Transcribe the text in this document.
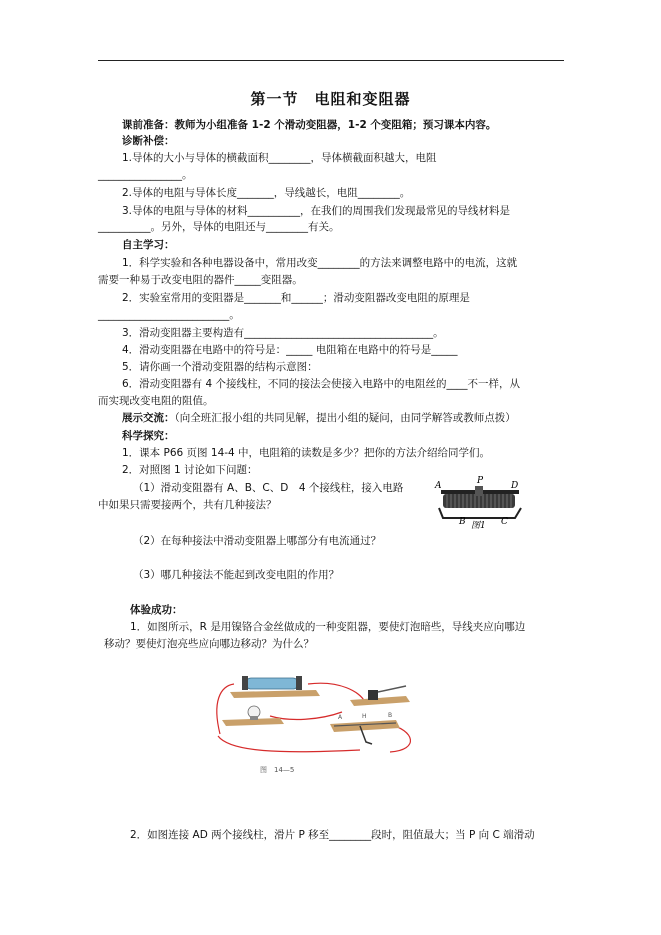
第一节　电阻和变阻器
课前准备：教师为小组准备 1-2 个滑动变阻器，1-2 个变阻箱；预习课本内容。
诊断补偿：
1.导体的大小与导体的横截面积________，导体横截面积越大，电阻
________________。
2.导体的电阻与导体长度_______，导线越长，电阻________。
3.导体的电阻与导体的材料__________，在我们的周围我们发现最常见的导线材料是
__________。另外，导体的电阻还与________有关。
自主学习：
1．科学实验和各种电器设备中，常用改变________的方法来调整电路中的电流，这就
需要一种易于改变电阻的器件_____变阻器。
2．实验室常用的变阻器是_______和______；滑动变阻器改变电阻的原理是
_________________________。
3．滑动变阻器主要构造有____________________________________。
4．滑动变阻器在电路中的符号是：_____ 电阻箱在电路中的符号是_____
5．请你画一个滑动变阻器的结构示意图：
6．滑动变阻器有 4 个接线柱，不同的接法会使接入电路中的电阻丝的____不一样，从
而实现改变电阻的阻值。
展示交流：（向全班汇报小组的共同见解，提出小组的疑问，由同学解答或教师点拨）
科学探究：
1．课本 P66 页图 14-4 中，电阻箱的读数是多少？把你的方法介绍给同学们。
2．对照图 1 讨论如下问题：
（1）滑动变阻器有 A、B、C、D　4 个接线柱，接入电路
中如果只需要接两个，共有几种接法？
（2）在每种接法中滑动变阻器上哪部分有电流通过？
（3）哪几种接法不能起到改变电阻的作用？
体验成功：
1．如图所示，R 是用镍铬合金丝做成的一种变阻器，要使灯泡暗些，导线夹应向哪边
移动？要使灯泡亮些应向哪边移动？为什么？
2．如图连接 AD 两个接线柱，滑片 P 移至________段时，阻值最大；当 P 向 C 端滑动
A	P	D
B	C
图1
A	H	B
图　14—5
